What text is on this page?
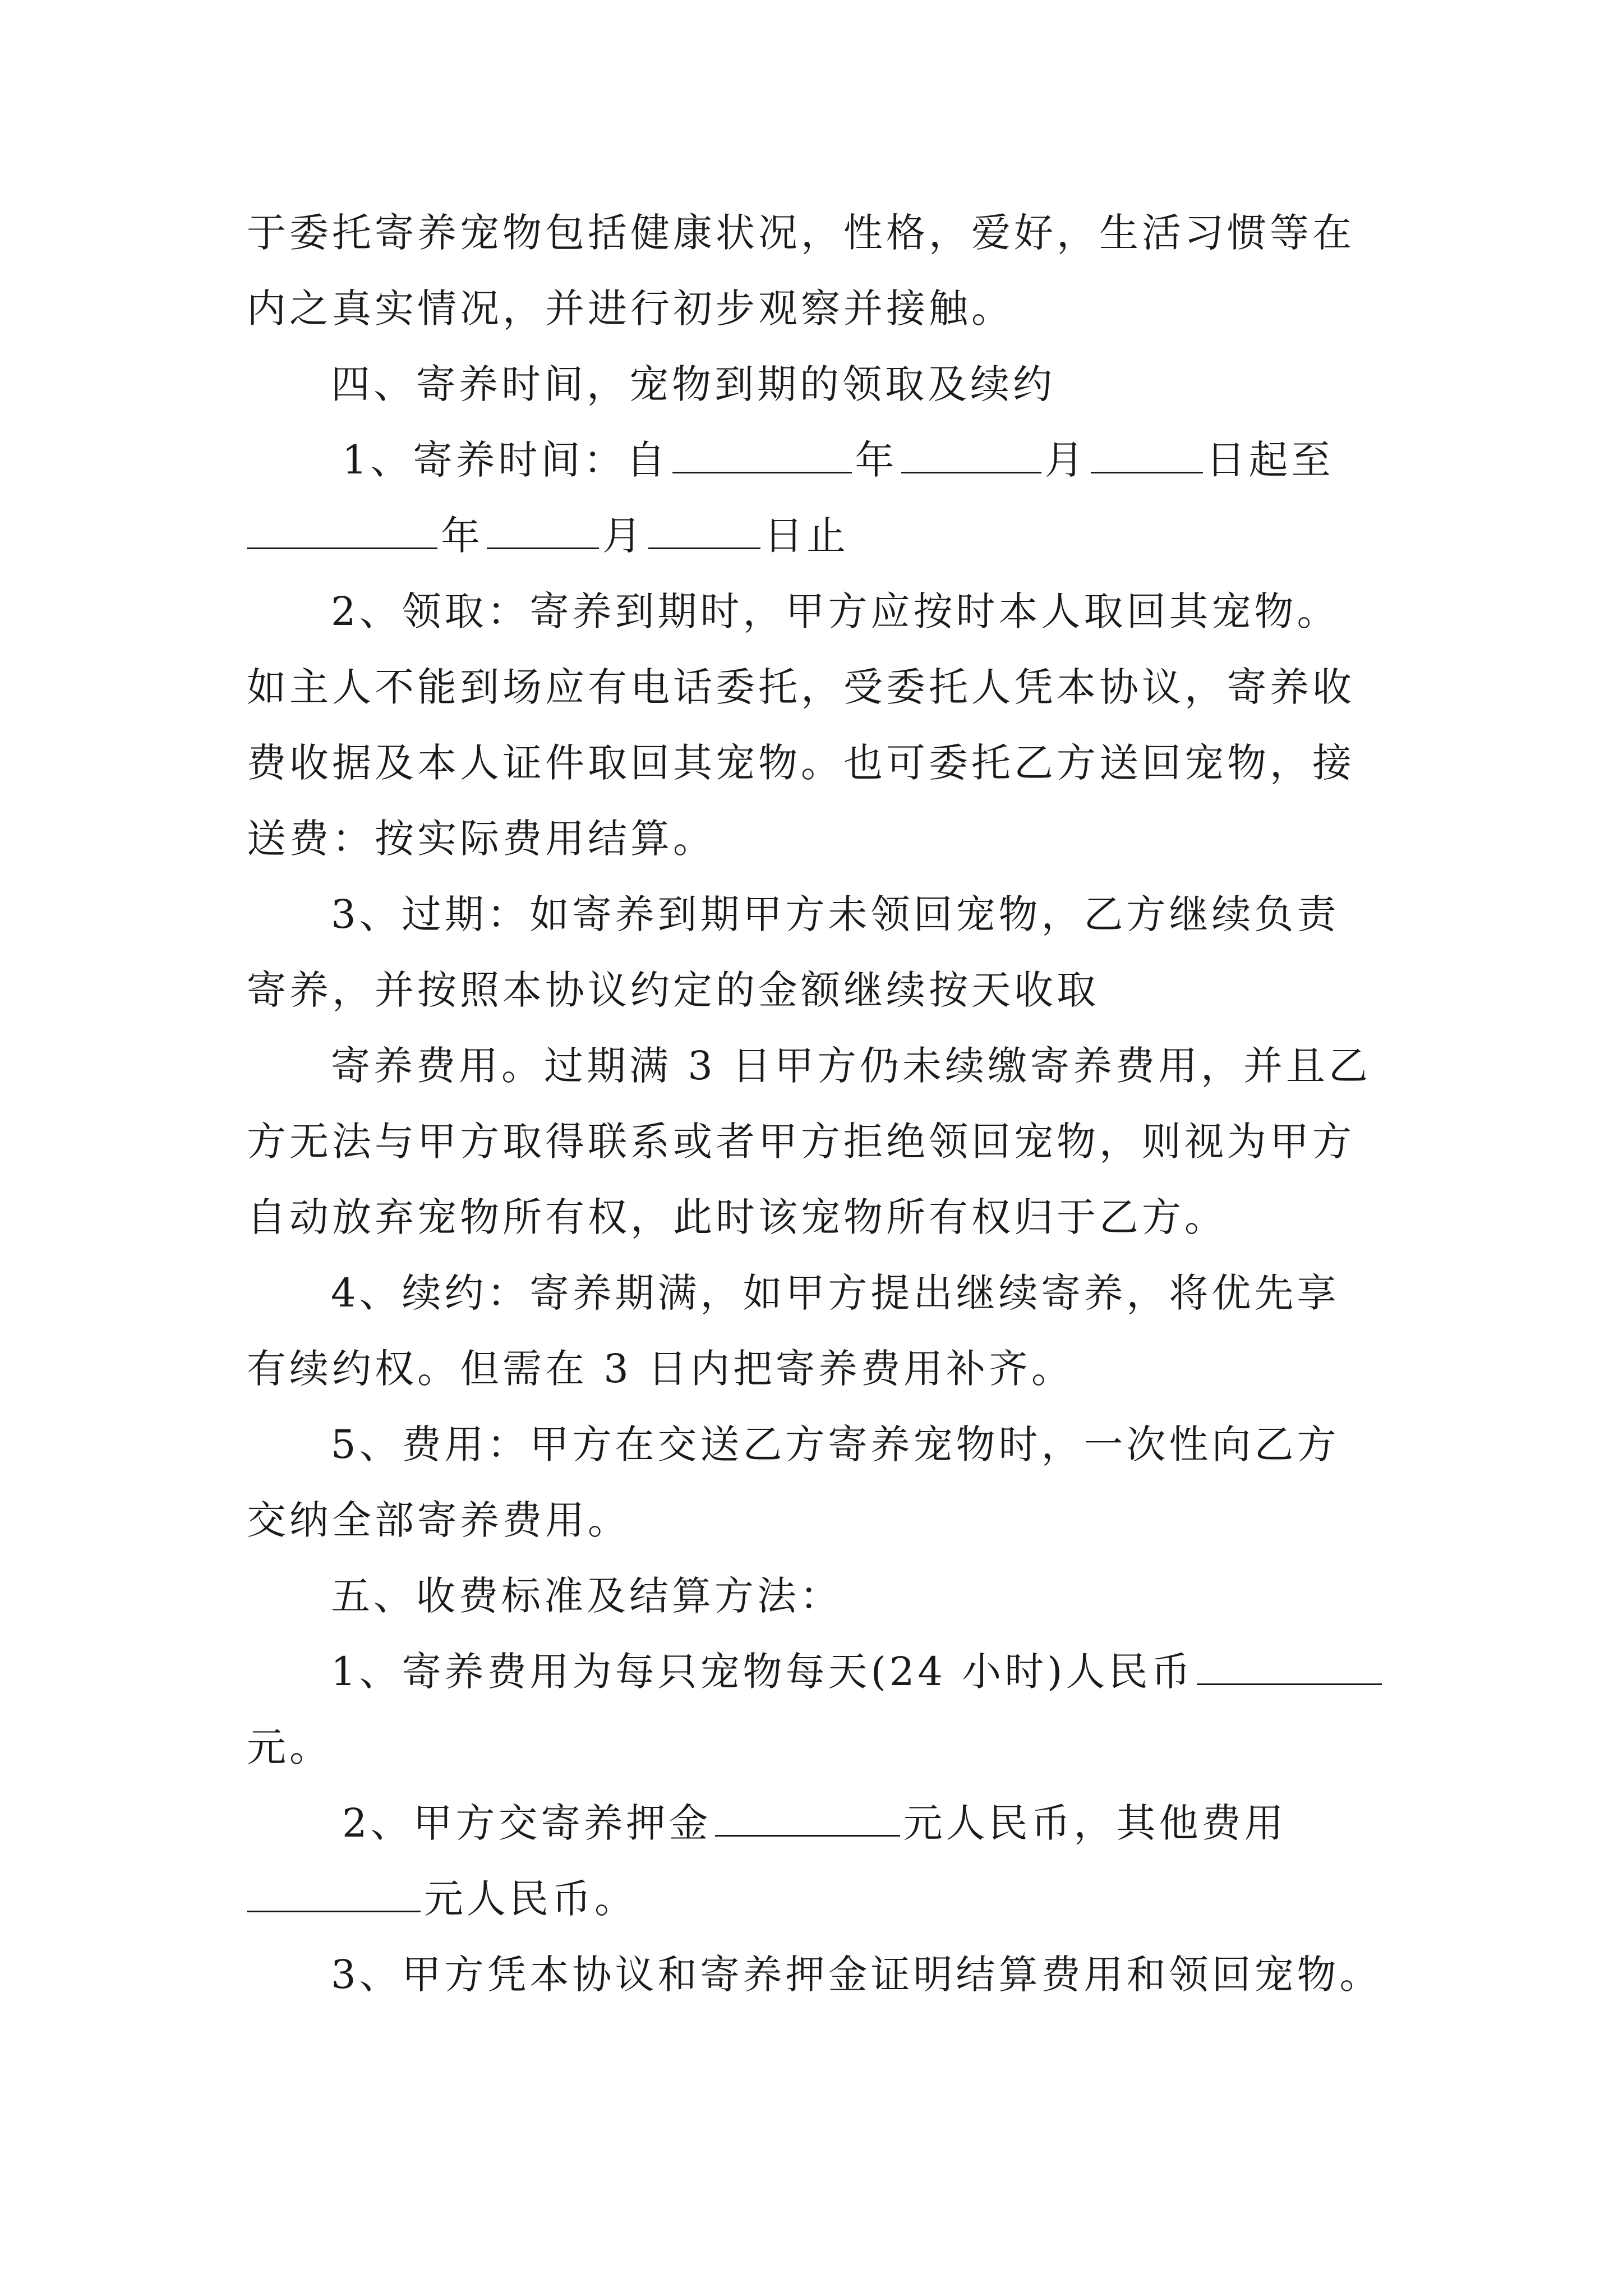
于委托寄养宠物包括健康状况，性格，爱好，生活习惯等在
内之真实情况，并进行初步观察并接触。
四、寄养时间，宠物到期的领取及续约
1、寄养时间：自	年	月	日起至
年	月	日止
2、领取：寄养到期时，甲方应按时本人取回其宠物。
如主人不能到场应有电话委托，受委托人凭本协议，寄养收
费收据及本人证件取回其宠物。也可委托乙方送回宠物，接
送费：按实际费用结算。
3、过期：如寄养到期甲方未领回宠物，乙方继续负责
寄养，并按照本协议约定的金额继续按天收取
寄养费用。过期满 3 日甲方仍未续缴寄养费用，并且乙
方无法与甲方取得联系或者甲方拒绝领回宠物，则视为甲方
自动放弃宠物所有权，此时该宠物所有权归于乙方。
4、续约：寄养期满，如甲方提出继续寄养，将优先享
有续约权。但需在 3 日内把寄养费用补齐。
5、费用：甲方在交送乙方寄养宠物时，一次性向乙方
交纳全部寄养费用。
五、收费标准及结算方法：
1、寄养费用为每只宠物每天(24 小时)人民币
元。
2、甲方交寄养押金	元人民币，其他费用
元人民币。
3、甲方凭本协议和寄养押金证明结算费用和领回宠物。
